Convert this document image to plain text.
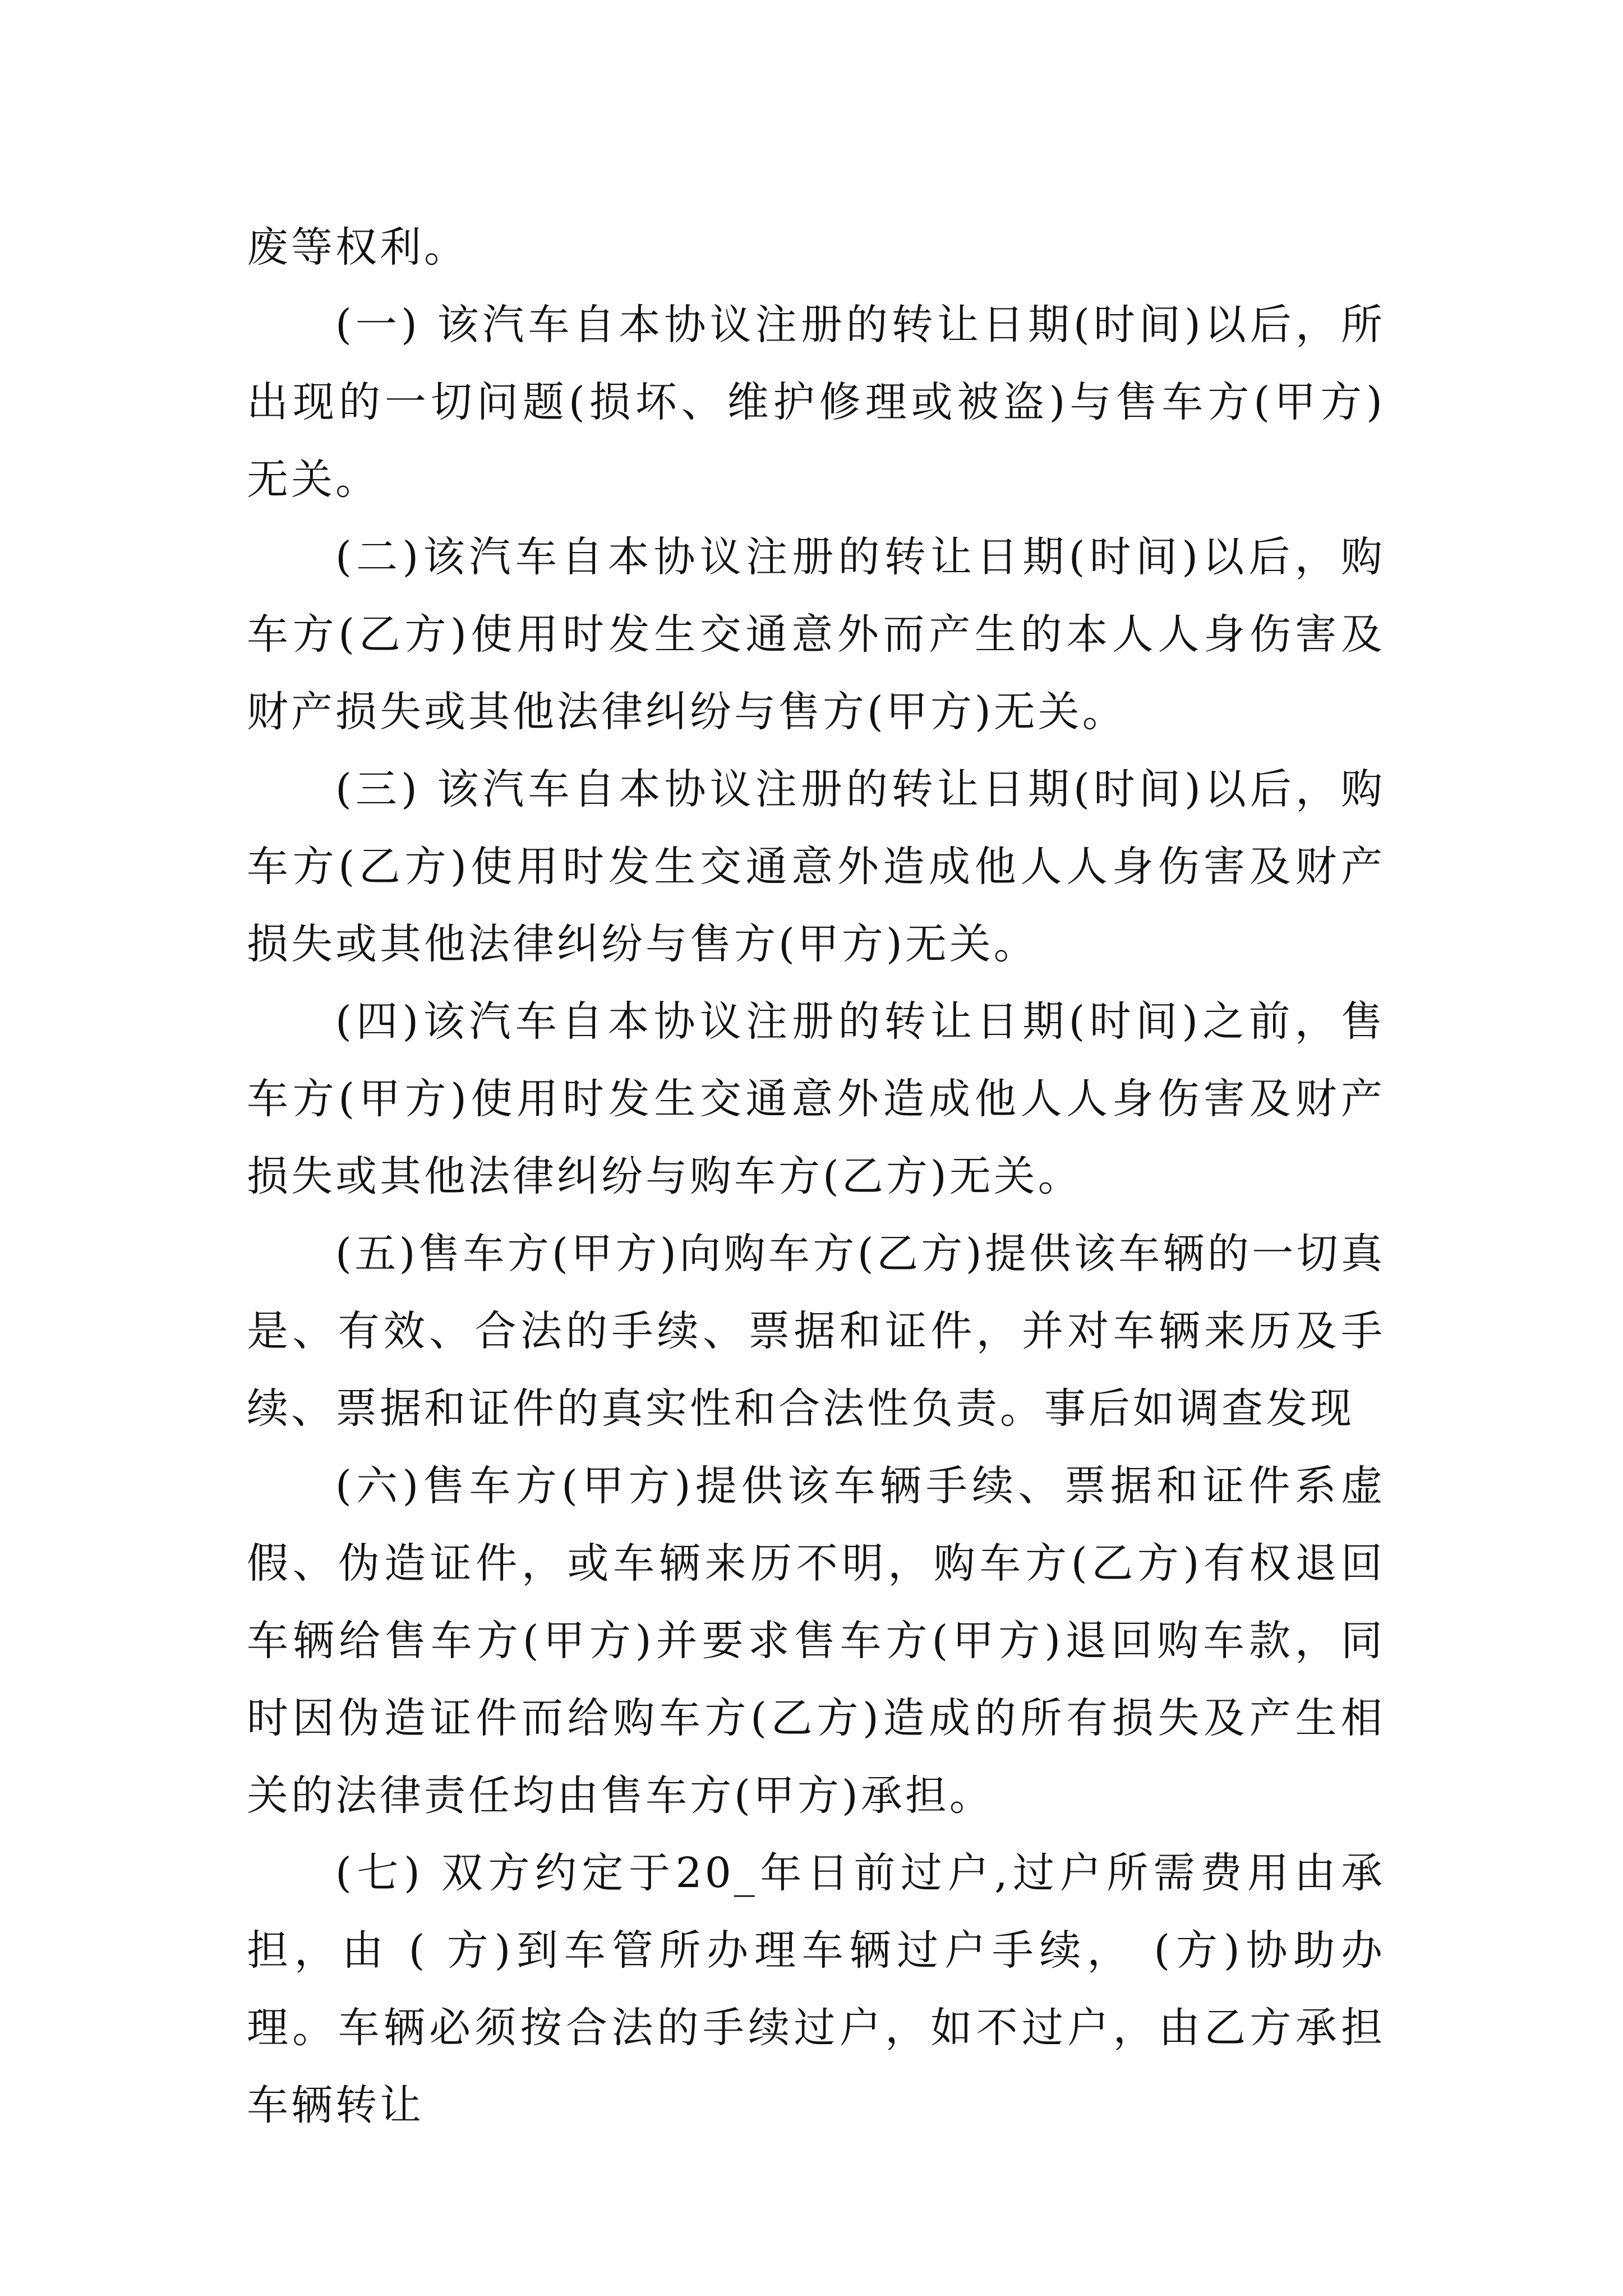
废等权利。

(一) 该汽车自本协议注册的转让日期(时间)以后，所出现的一切问题(损坏、维护修理或被盗)与售车方(甲方)无关。

(二)该汽车自本协议注册的转让日期(时间)以后，购车方(乙方)使用时发生交通意外而产生的本人人身伤害及财产损失或其他法律纠纷与售方(甲方)无关。

(三) 该汽车自本协议注册的转让日期(时间)以后，购车方(乙方)使用时发生交通意外造成他人人身伤害及财产损失或其他法律纠纷与售方(甲方)无关。

(四)该汽车自本协议注册的转让日期(时间)之前，售车方(甲方)使用时发生交通意外造成他人人身伤害及财产损失或其他法律纠纷与购车方(乙方)无关。

(五)售车方(甲方)向购车方(乙方)提供该车辆的一切真是、有效、合法的手续、票据和证件，并对车辆来历及手续、票据和证件的真实性和合法性负责。事后如调查发现

(六)售车方(甲方)提供该车辆手续、票据和证件系虚假、伪造证件，或车辆来历不明，购车方(乙方)有权退回车辆给售车方(甲方)并要求售车方(甲方)退回购车款，同时因伪造证件而给购车方(乙方)造成的所有损失及产生相关的法律责任均由售车方(甲方)承担。

(七) 双方约定于20_年日前过户,过户所需费用由承担，由 ( 方)到车管所办理车辆过户手续， (方)协助办理。车辆必须按合法的手续过户，如不过户，由乙方承担车辆转让
